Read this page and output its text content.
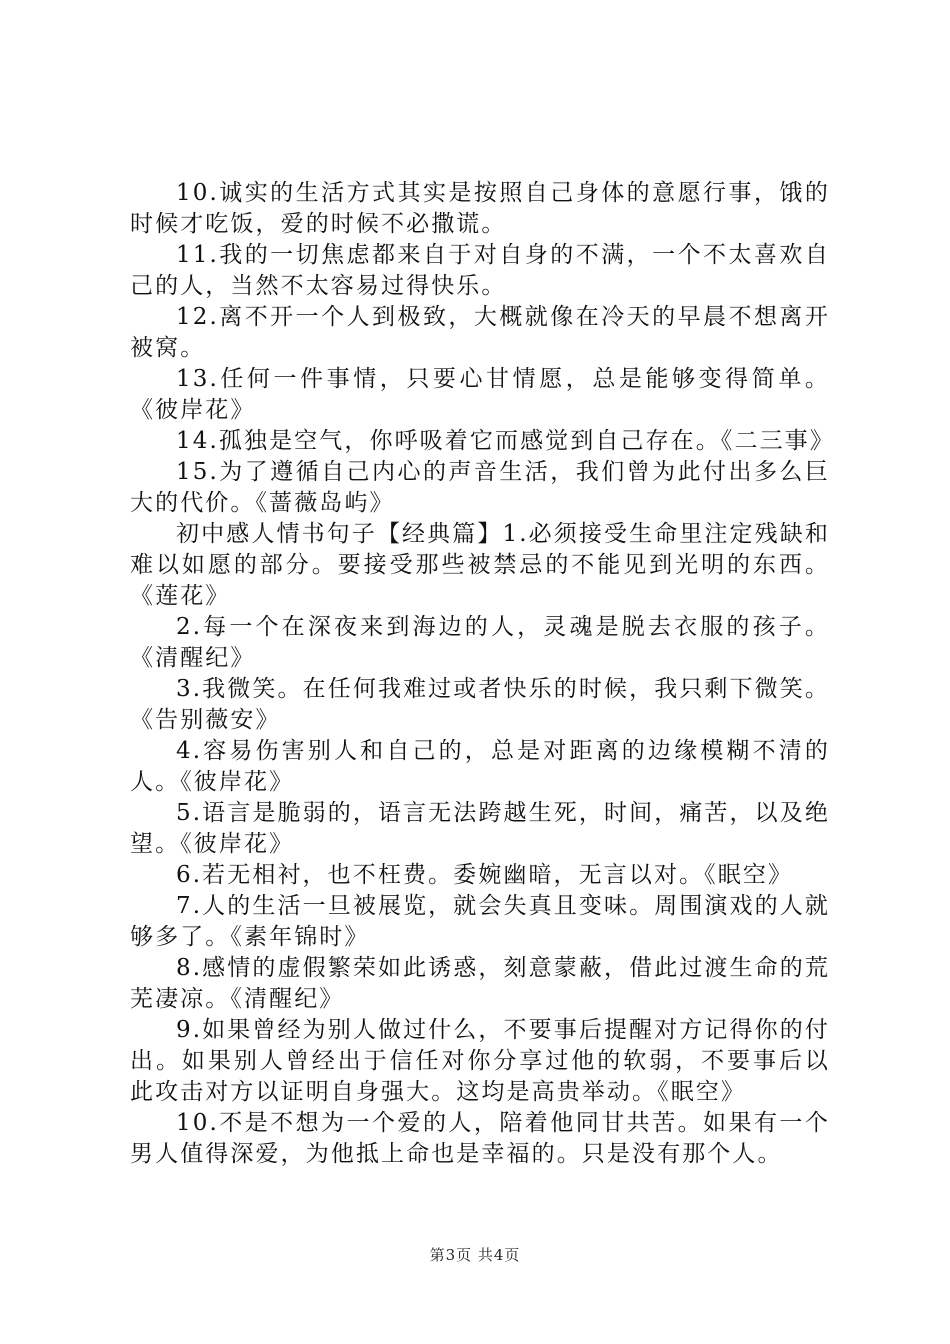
10.诚实的生活方式其实是按照自己身体的意愿行事，饿的时候才吃饭，爱的时候不必撒谎。

11.我的一切焦虑都来自于对自身的不满，一个不太喜欢自己的人，当然不太容易过得快乐。

12.离不开一个人到极致，大概就像在冷天的早晨不想离开被窝。

13.任何一件事情，只要心甘情愿，总是能够变得简单。《彼岸花》

14.孤独是空气，你呼吸着它而感觉到自己存在。《二三事》

15.为了遵循自己内心的声音生活，我们曾为此付出多么巨大的代价。《蔷薇岛屿》

初中感人情书句子【经典篇】1.必须接受生命里注定残缺和难以如愿的部分。要接受那些被禁忌的不能见到光明的东西。《莲花》

2.每一个在深夜来到海边的人，灵魂是脱去衣服的孩子。《清醒纪》

3.我微笑。在任何我难过或者快乐的时候，我只剩下微笑。《告别薇安》

4.容易伤害别人和自己的，总是对距离的边缘模糊不清的人。《彼岸花》

5.语言是脆弱的，语言无法跨越生死，时间，痛苦，以及绝望。《彼岸花》

6.若无相衬，也不枉费。委婉幽暗，无言以对。《眠空》

7.人的生活一旦被展览，就会失真且变味。周围演戏的人就够多了。《素年锦时》

8.感情的虚假繁荣如此诱惑，刻意蒙蔽，借此过渡生命的荒芜凄凉。《清醒纪》

9.如果曾经为别人做过什么，不要事后提醒对方记得你的付出。如果别人曾经出于信任对你分享过他的软弱，不要事后以此攻击对方以证明自身强大。这均是高贵举动。《眠空》

10.不是不想为一个爱的人，陪着他同甘共苦。如果有一个男人值得深爱，为他抵上命也是幸福的。只是没有那个人。

第3页 共4页
